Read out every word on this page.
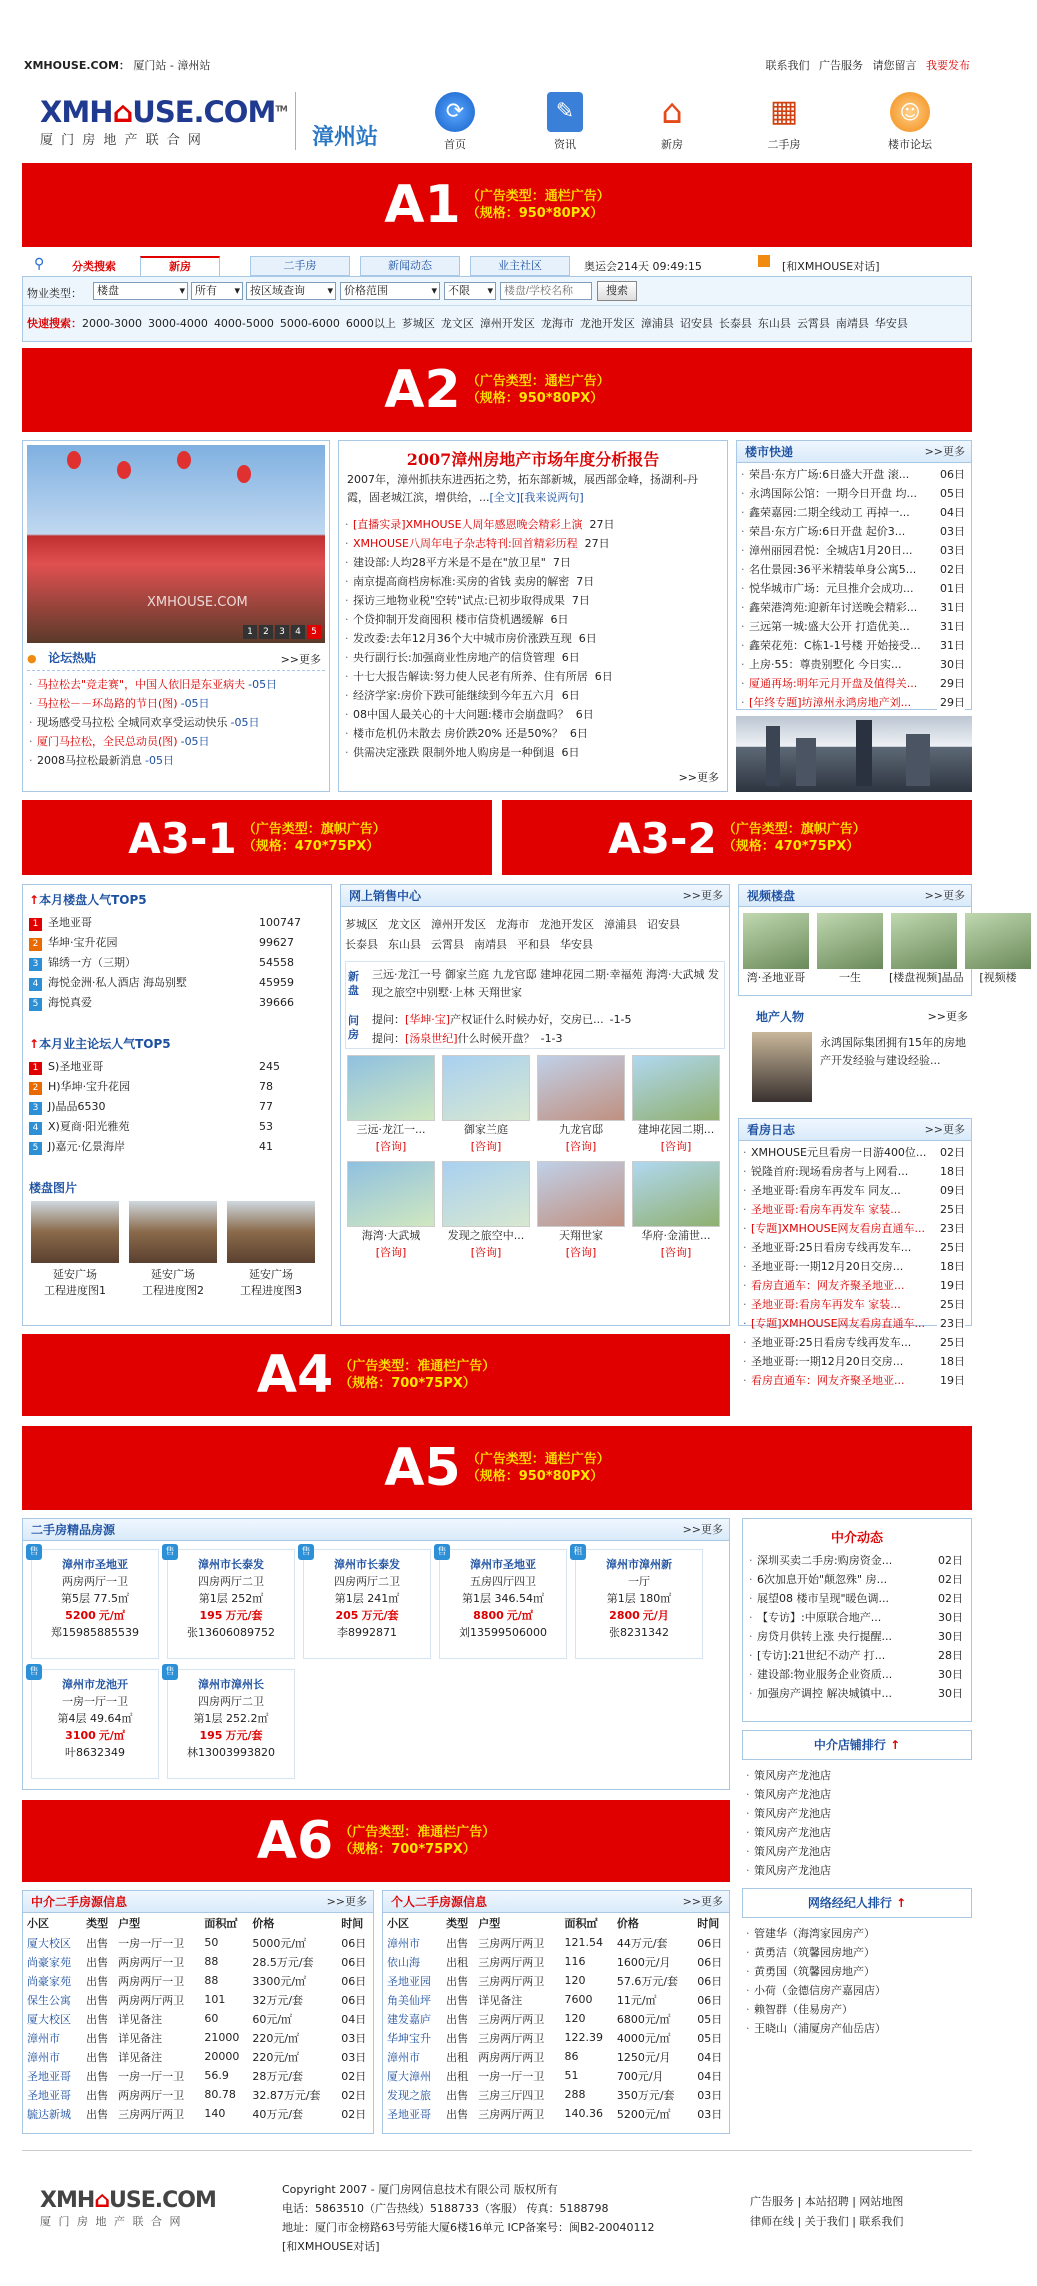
XMHOUSE.COM： 厦门站 - 漳州站	联系我们 广告服务 请您留言 我要发布
XMH⌂USE.COM™
厦 门 房 地 产 联 合 网	漳州站
⟳
首页
✎
资讯
⌂
新房
▦
二手房
☺
楼市论坛
A1 （广告类型：通栏广告）
（规格：950*80PX）
⚲	分类搜索	新房	二手房	新闻动态	业主社区	奥运会214天 09:49:15	[和XMHOUSE对话]
物业类型：	楼盘	▾ 所有 ▾ 按区域查询 ▾	价格范围	▾	不限 ▾
楼盘/学校名称	搜索
快速搜索：2000-3000 3000-4000 4000-5000 5000-6000 6000以上 芗城区 龙文区 漳州开发区 龙海市 龙池开发区 漳浦县 诏安县 长泰县 东山县 云霄县 南靖县 华安县
A2 （广告类型：通栏广告）
（规格：950*80PX）
XMHOUSE.COM
1	2	3	4	5
● 论坛热贴	>>更多
· 马拉松去"竞走赛"，中国人依旧是东亚病夫 -05日
· 马拉松－－环岛路的节日(图) -05日
· 现场感受马拉松 全城同欢享受运动快乐 -05日
· 厦门马拉松，全民总动员(图) -05日
· 2008马拉松最新消息 -05日
2007漳州房地产市场年度分析报告
2007年，漳州抓扶东进西拓之势，拓东部新城，展西部金峰，扬湖利-丹霞，固老城江滨，增供给，...[全文][我来说两句]
· [直播实录]XMHOUSE人周年感恩晚会精彩上演 27日
· XMHOUSE八周年电子杂志特刊:回首精彩历程 27日
· 建设部:人均28平方米是不是在"放卫星" 7日
· 南京提高商档房标准:买房的省钱 卖房的解密 7日
· 探访三地物业税"空转"试点:已初步取得成果 7日
· 个贷抑制开发商囤积 楼市信贷机遇缓解 6日
· 发改委:去年12月36个大中城市房价涨跌互现 6日
· 央行副行长:加强商业性房地产的信贷管理 6日
· 十七大报告解读:努力使人民老有所养、住有所居 6日
· 经济学家:房价下跌可能继续到今年五六月 6日
· 08中国人最关心的十大问题:楼市会崩盘吗？ 6日
· 楼市危机仍未散去 房价跌20% 还是50%？ 6日
· 供需决定涨跌 限制外地人购房是一种倒退 6日
>>更多
楼市快递	>>更多
· 荣昌·东方广场:6日盛大开盘 滚...	06日
· 永鸿国际公馆：一期今日开盘 均... 05日
· 鑫荣嘉园:二期全线动工 再掉一...	04日
· 荣昌·东方广场:6日开盘 起价3...	03日
· 漳州丽园君悦：全城店1月20日...	03日
· 名仕景园:36平米精装单身公寓5... 02日
· 悦华城市广场：元旦推介会成功... 01日
· 鑫荣港湾苑:迎新年讨送晚会精彩... 31日
· 三远第一城:盛大公开 打造优美...	31日
· 鑫荣花苑：C栋1-1号楼 开始接受... 31日
· 上房·55：尊贵别墅化 今日实...	30日
· 厦通再场:明年元月开盘及值得关... 29日
· [年终专题]坊漳州永鸿房地产刘...	29日
A3-1 （广告类型：旗帜广告）
（规格：470*75PX）	A3-2 （广告类型：旗帜广告）
（规格：470*75PX）
↑本月楼盘人气TOP5
1 圣地亚哥	100747
2 华坤·宝升花园	99627
3 锦绣一方（三期）	54558
4 海悦金洲·私人酒店 海岛别墅	45959
5 海悦真爱	39666
↑本月业主论坛人气TOP5
1 S)圣地亚哥	245
2 H)华坤·宝升花园	78
3 J)晶品6530	77
4 X)夏商·阳光雅苑	53
5 J)嘉元·亿景海岸	41
楼盘图片
延安广场
工程进度图1
延安广场
工程进度图2
延安广场
工程进度图3
网上销售中心	>>更多
芗城区 龙文区 漳州开发区 龙海市 龙池开发区 漳浦县 诏安县长泰县 东山县 云霄县 南靖县 平和县 华安县
新盘
三远·龙江一号 御家兰庭 九龙官邸 建坤花园二期·幸福苑 海湾·大武城 发现之旅空中别墅·上林 天翔世家
问房
提问：[华坤·宝]产权证什么时候办好，交房已... -1-5
提问：[汤泉世纪]什么时候开盘？ -1-3
三远·龙江一...
[咨询]
御家兰庭
[咨询]
九龙官邸
[咨询]
建坤花园二期...
[咨询]
海湾·大武城
[咨询]
发现之旅空中...
[咨询]
天翔世家
[咨询]
华府·金浦世...
[咨询]
视频楼盘	>>更多
湾·圣地亚哥	一生	[楼盘视频]晶品	[视频楼
地产人物	>>更多
永鸿国际集团拥有15年的房地产开发经验与建设经验...
看房日志	>>更多
· XMHOUSE元旦看房一日游400位... 02日
· 锐隆首府:现场看房者与上网看...	18日
· 圣地亚哥:看房车再发车 同友...	09日
· 圣地亚哥:看房车再发车 家装...	25日
· [专题]XMHOUSE网友看房直通车... 23日
· 圣地亚哥:25日看房专线再发车...	25日
· 圣地亚哥:一期12月20日交房...	18日
· 看房直通车：网友齐聚圣地亚...	19日
· 圣地亚哥:看房车再发车 家装...	25日
· [专题]XMHOUSE网友看房直通车... 23日
· 圣地亚哥:25日看房专线再发车...	25日
· 圣地亚哥:一期12月20日交房...	18日
· 看房直通车：网友齐聚圣地亚...	19日
A4 （广告类型：准通栏广告）
（规格：700*75PX）
A5 （广告类型：通栏广告）
（规格：950*80PX）
二手房精品房源	>>更多
售
漳州市圣地亚
两房两厅一卫
第5层 77.5㎡
5200 元/㎡
郑15985885539
售
漳州市长泰发
四房两厅二卫
第1层 252㎡
195 万元/套
张13606089752
售
漳州市长泰发
四房两厅二卫
第1层 241㎡
205 万元/套
李8992871
售
漳州市圣地亚
五房四厅四卫
第1层 346.54㎡
8800 元/㎡
刘13599506000
租
漳州市漳州新
一厅
第1层 180㎡
2800 元/月
张8231342
售
漳州市龙池开
一房一厅一卫
第4层 49.64㎡
3100 元/㎡
叶8632349
售
漳州市漳州长
四房两厅二卫
第1层 252.2㎡
195 万元/套
林13003993820
中介动态
· 深圳买卖二手房:购房资金...	02日
· 6次加息开始"颠忽殊" 房...	02日
· 展望08 楼市呈现"暖色调...	02日
· 【专访】:中原联合地产...	30日
· 房贷月供转上涨 央行提醒...	30日
· [专访]:21世纪不动产 打...	28日
· 建设部:物业服务企业资质...	30日
· 加强房产调控 解决城镇中...	30日
中介店铺排行 ↑
· 策风房产龙池店
· 策风房产龙池店
· 策风房产龙池店
· 策风房产龙池店
· 策风房产龙池店
· 策风房产龙池店
网络经纪人排行 ↑
· 管建华（海湾家园房产）
· 黄勇洁（筑馨园房地产）
· 黄勇国（筑馨园房地产）
· 小荷（金德信房产嘉园店）
· 赖智群（佳易房产）
· 王晓山（浦厦房产仙岳店）
A6 （广告类型：准通栏广告）
（规格：700*75PX）
中介二手房源信息	>>更多
小区	类型	户型	面积㎡	价格	时间
厦大校区	出售	一房一厅一卫	50	5000元/㎡	06日
尚豪家苑	出售	两房两厅一卫	88	28.5万元/套	06日
尚豪家苑	出售	两房两厅一卫	88	3300元/㎡	06日
保生公寓	出售	两房两厅两卫	101	32万元/套	06日
厦大校区	出售	详见备注	60	60元/㎡	04日
漳州市	出售	详见备注	21000	220元/㎡	03日
漳州市	出售	详见备注	20000	220元/㎡	03日
圣地亚哥	出售	一房一厅一卫	56.9	28万元/套	02日
圣地亚哥	出售	两房两厅一卫	80.78	32.87万元/套	02日
毓达新城	出售	三房两厅两卫	140	40万元/套	02日
个人二手房源信息	>>更多
小区	类型	户型	面积㎡	价格	时间
漳州市	出售	三房两厅两卫	121.54	44万元/套	06日
依山海	出租	三房两厅两卫	116	1600元/月	06日
圣地亚园	出售	三房两厅两卫	120	57.6万元/套	06日
角美仙坪	出售	详见备注	7600	11元/㎡	06日
建发嘉庐	出售	三房两厅两卫	120	6800元/㎡	05日
华坤宝升	出售	三房两厅两卫	122.39	4000元/㎡	05日
漳州市	出租	两房两厅两卫	86	1250元/月	04日
厦大漳州	出租	一房一厅一卫	51	700元/月	04日
发现之旅	出售	三房三厅四卫	288	350万元/套	03日
圣地亚哥	出售	三房两厅两卫	140.36	5200元/㎡	03日
XMH⌂USE.COM
厦 门 房 地 产 联 合 网
Copyright 2007 - 厦门房网信息技术有限公司 版权所有
电话：5863510（广告热线）5188733（客服） 传真：5188798
地址：厦门市金榜路63号劳能大厦6楼16单元 ICP备案号：闽B2-20040112
[和XMHOUSE对话]
广告服务 | 本站招聘 | 网站地图
律师在线 | 关于我们 | 联系我们
